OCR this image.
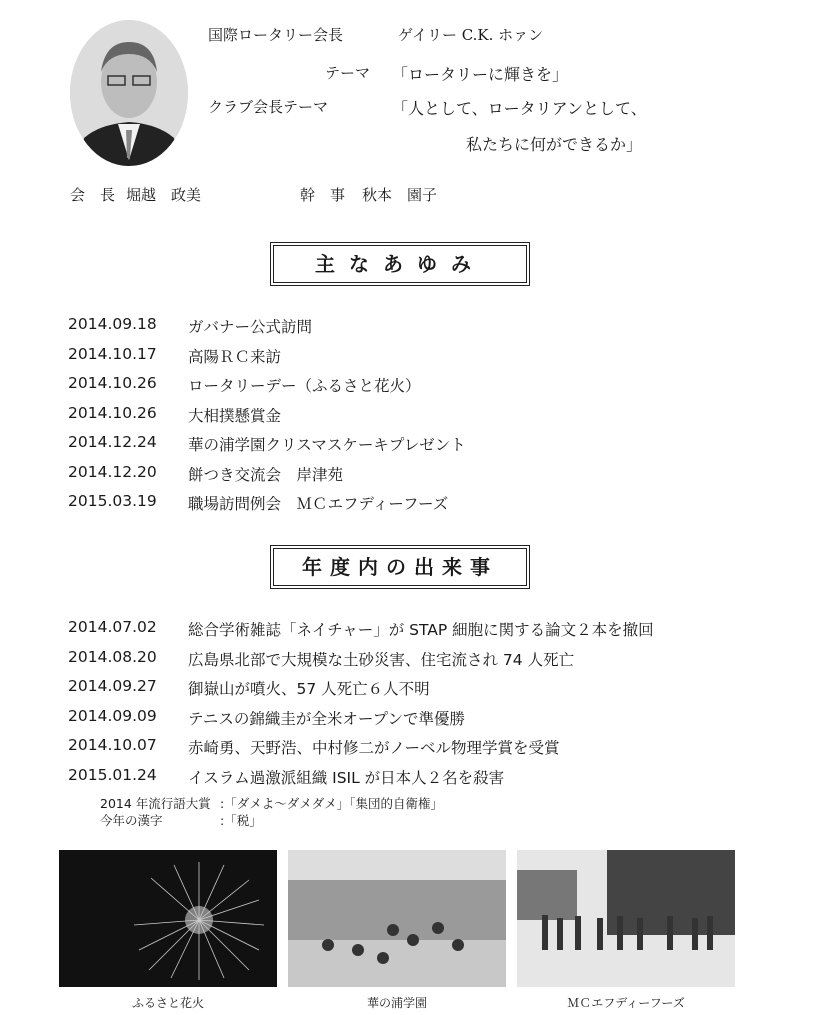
国際ロータリー会長	ゲイリー C.K. ホァン
テーマ 「ロータリーに輝きを」
クラブ会長テーマ	「人として、ロータリアンとして、
私たちに何ができるか」
会　長 堀越　政美	幹　事 秋本　園子
主なあゆみ
2014.09.18	ガバナー公式訪問
2014.10.17	高陽ＲＣ来訪
2014.10.26	ロータリーデー（ふるさと花火）
2014.10.26	大相撲懸賞金
2014.12.24	華の浦学園クリスマスケーキプレゼント
2014.12.20	餅つき交流会　岸津苑
2015.03.19	職場訪問例会　ＭＣエフディーフーズ
年度内の出来事
2014.07.02	総合学術雑誌「ネイチャー」が STAP 細胞に関する論文２本を撤回
2014.08.20	広島県北部で大規模な土砂災害、住宅流され 74 人死亡
2014.09.27	御嶽山が噴火、57 人死亡６人不明
2014.09.09	テニスの錦織圭が全米オープンで準優勝
2014.10.07	赤崎勇、天野浩、中村修二がノーベル物理学賞を受賞
2015.01.24	イスラム過激派組織 ISIL が日本人２名を殺害
2014 年流行語大賞 :「ダメよ～ダメダメ」「集団的自衛権」
今年の漢字	:「税」
ふるさと花火	華の浦学園	ＭＣエフディーフーズ
